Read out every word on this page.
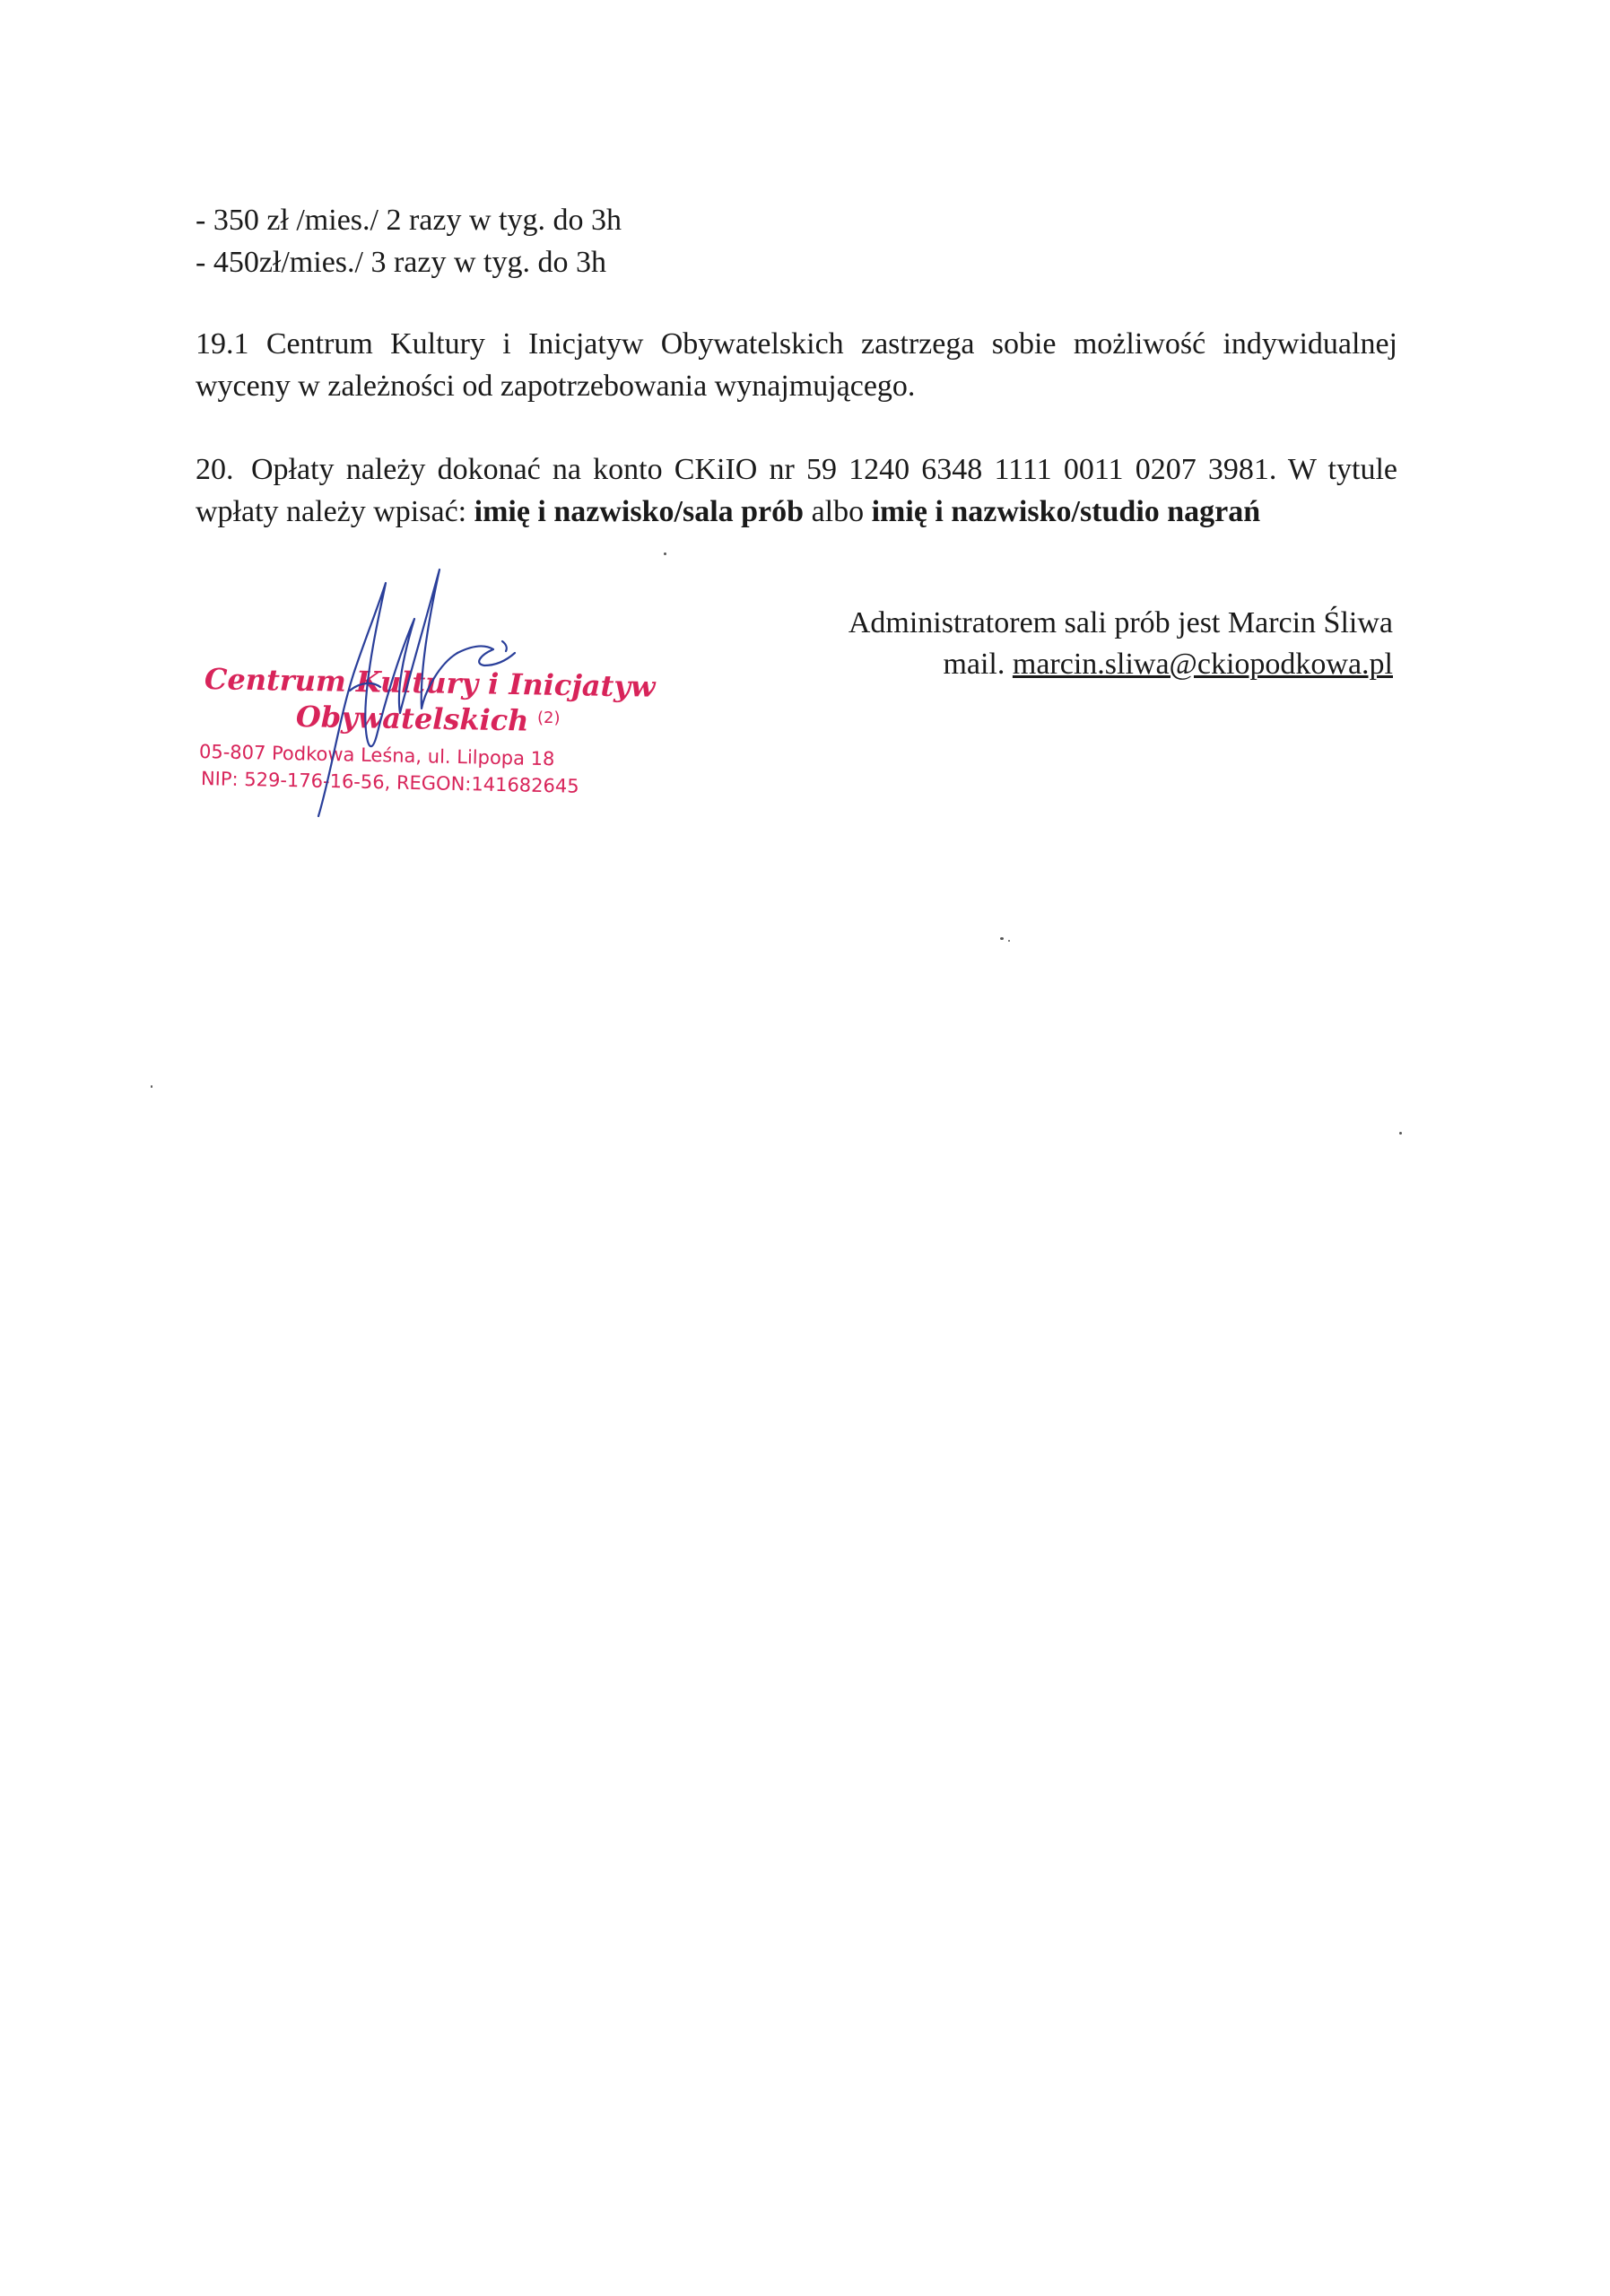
- 350 zł /mies./ 2 razy w tyg. do 3h
- 450zł/mies./ 3 razy w tyg. do 3h
19.1 Centrum Kultury i Inicjatyw Obywatelskich zastrzega sobie możliwość indywidualnej wyceny w zależności od zapotrzebowania wynajmującego.
20. Opłaty należy dokonać na konto CKiIO nr 59 1240 6348 1111 0011 0207 3981. W tytule wpłaty należy wpisać: imię i nazwisko/sala prób albo imię i nazwisko/studio nagrań
Administratorem sali prób jest Marcin Śliwa
mail. marcin.sliwa@ckiopodkowa.pl
Centrum Kultury i Inicjatyw
Obywatelskich (2)
05-807 Podkowa Leśna, ul. Lilpopa 18
NIP: 529-176-16-56, REGON:141682645
